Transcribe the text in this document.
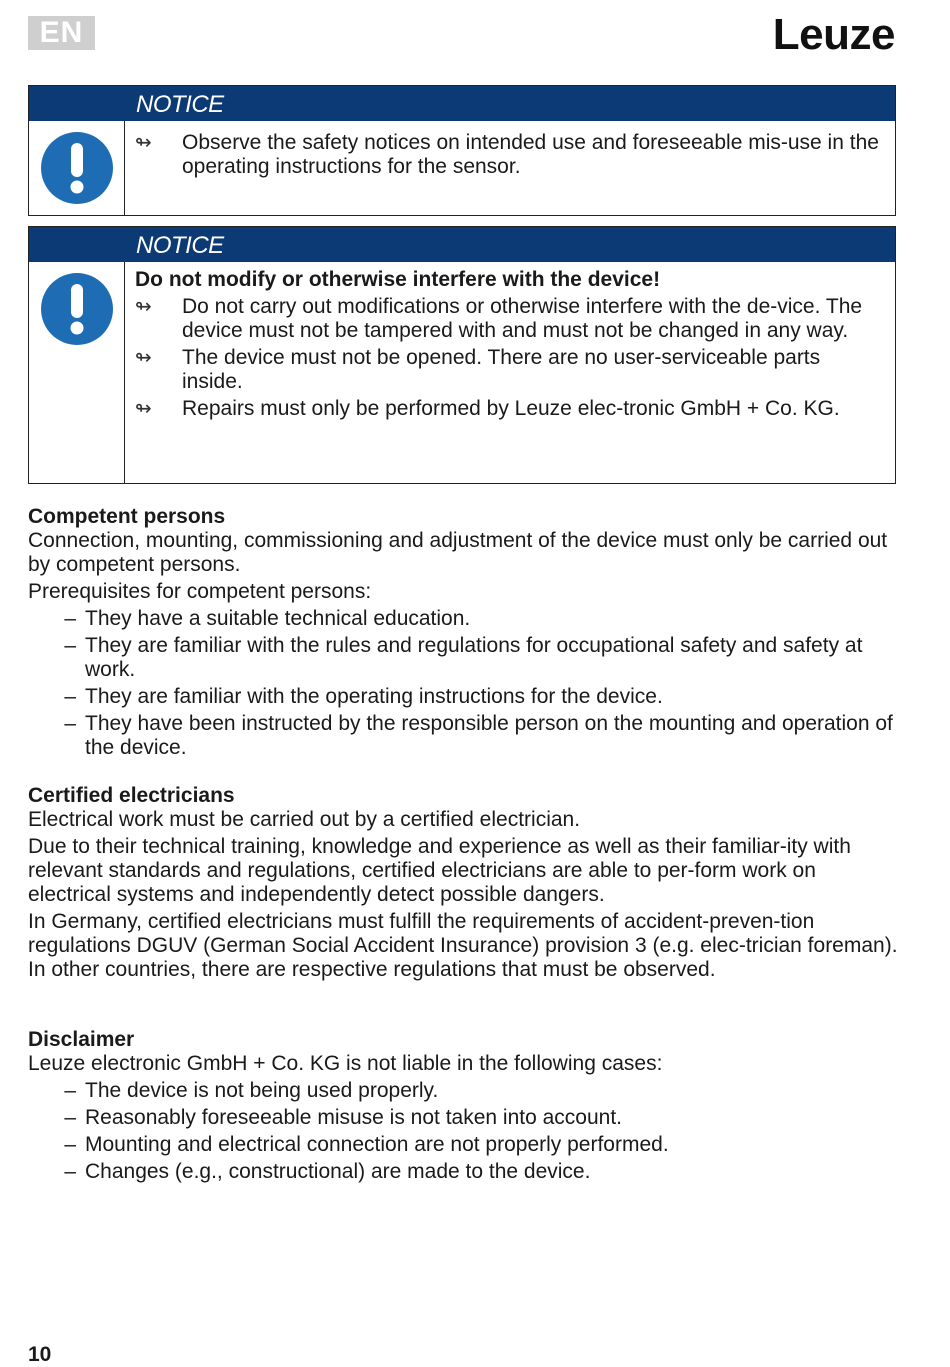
EN	Leuze
NOTICE
↬	Observe the safety notices on intended use and foreseeable mis-use in the operating instructions for the sensor.
NOTICE
Do not modify or otherwise interfere with the device!
↬	Do not carry out modifications or otherwise interfere with the de-vice. The device must not be tampered with and must not be changed in any way.
↬	The device must not be opened. There are no user-serviceable parts inside.
↬	Repairs must only be performed by Leuze elec-tronic GmbH + Co. KG.
Competent persons

Connection, mounting, commissioning and adjustment of the device must only be carried out by competent persons.

Prerequisites for competent persons:

– They have a suitable technical education.
– They are familiar with the rules and regulations for occupational safety and safety at work.
– They are familiar with the operating instructions for the device.
– They have been instructed by the responsible person on the mounting and operation of the device.
Certified electricians

Electrical work must be carried out by a certified electrician.

Due to their technical training, knowledge and experience as well as their familiar-ity with relevant standards and regulations, certified electricians are able to per-form work on electrical systems and independently detect possible dangers.

In Germany, certified electricians must fulfill the requirements of accident-preven-tion regulations DGUV (German Social Accident Insurance) provision 3 (e.g. elec-trician foreman). In other countries, there are respective regulations that must be observed.

Disclaimer

Leuze electronic GmbH + Co. KG is not liable in the following cases:

– The device is not being used properly.
– Reasonably foreseeable misuse is not taken into account.
– Mounting and electrical connection are not properly performed.
– Changes (e.g., constructional) are made to the device.
10
